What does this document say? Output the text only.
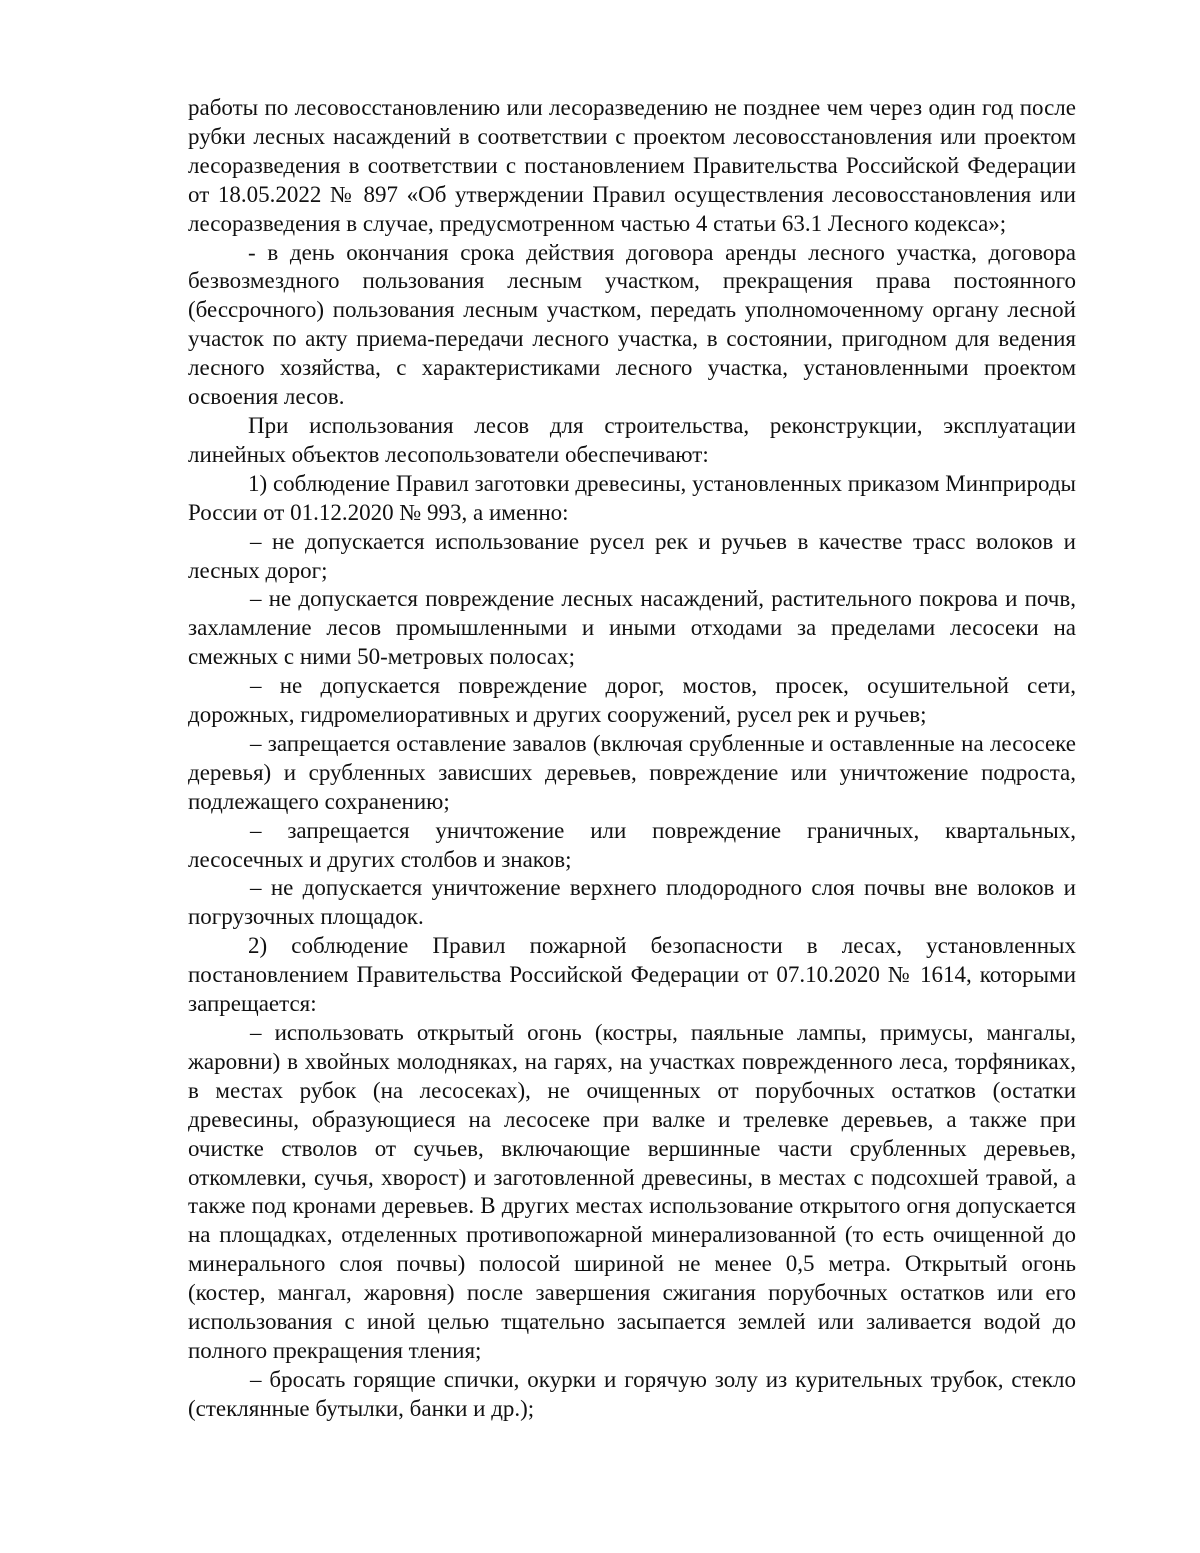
работы по лесовосстановлению или лесоразведению не позднее чем через один год после рубки лесных насаждений в соответствии с проектом лесовосстановления или проектом лесоразведения в соответствии с постановлением Правительства Российской Федерации от 18.05.2022 № 897 «Об утверждении Правил осуществления лесовосстановления или лесоразведения в случае, предусмотренном частью 4 статьи 63.1 Лесного кодекса»;

- в день окончания срока действия договора аренды лесного участка, договора безвозмездного пользования лесным участком, прекращения права постоянного (бессрочного) пользования лесным участком, передать уполномоченному органу лесной участок по акту приема-передачи лесного участка, в состоянии, пригодном для ведения лесного хозяйства, с характеристиками лесного участка, установленными проектом освоения лесов.

При использования лесов для строительства, реконструкции, эксплуатации линейных объектов лесопользователи обеспечивают:

1) соблюдение Правил заготовки древесины, установленных приказом Минприроды России от 01.12.2020 № 993, а именно:

– не допускается использование русел рек и ручьев в качестве трасс волоков и лесных дорог;

– не допускается повреждение лесных насаждений, растительного покрова и почв, захламление лесов промышленными и иными отходами за пределами лесосеки на смежных с ними 50-метровых полосах;

– не допускается повреждение дорог, мостов, просек, осушительной сети, дорожных, гидромелиоративных и других сооружений, русел рек и ручьев;

– запрещается оставление завалов (включая срубленные и оставленные на лесосеке деревья) и срубленных зависших деревьев, повреждение или уничтожение подроста, подлежащего сохранению;

– запрещается уничтожение или повреждение граничных, квартальных, лесосечных и других столбов и знаков;

– не допускается уничтожение верхнего плодородного слоя почвы вне волоков и погрузочных площадок.

2) соблюдение Правил пожарной безопасности в лесах, установленных постановлением Правительства Российской Федерации от 07.10.2020 № 1614, которыми запрещается:

– использовать открытый огонь (костры, паяльные лампы, примусы, мангалы, жаровни) в хвойных молодняках, на гарях, на участках поврежденного леса, торфяниках, в местах рубок (на лесосеках), не очищенных от порубочных остатков (остатки древесины, образующиеся на лесосеке при валке и трелевке деревьев, а также при очистке стволов от сучьев, включающие вершинные части срубленных деревьев, откомлевки, сучья, хворост) и заготовленной древесины, в местах с подсохшей травой, а также под кронами деревьев. В других местах использование открытого огня допускается на площадках, отделенных противопожарной минерализованной (то есть очищенной до минерального слоя почвы) полосой шириной не менее 0,5 метра. Открытый огонь (костер, мангал, жаровня) после завершения сжигания порубочных остатков или его использования с иной целью тщательно засыпается землей или заливается водой до полного прекращения тления;

– бросать горящие спички, окурки и горячую золу из курительных трубок, стекло (стеклянные бутылки, банки и др.);
